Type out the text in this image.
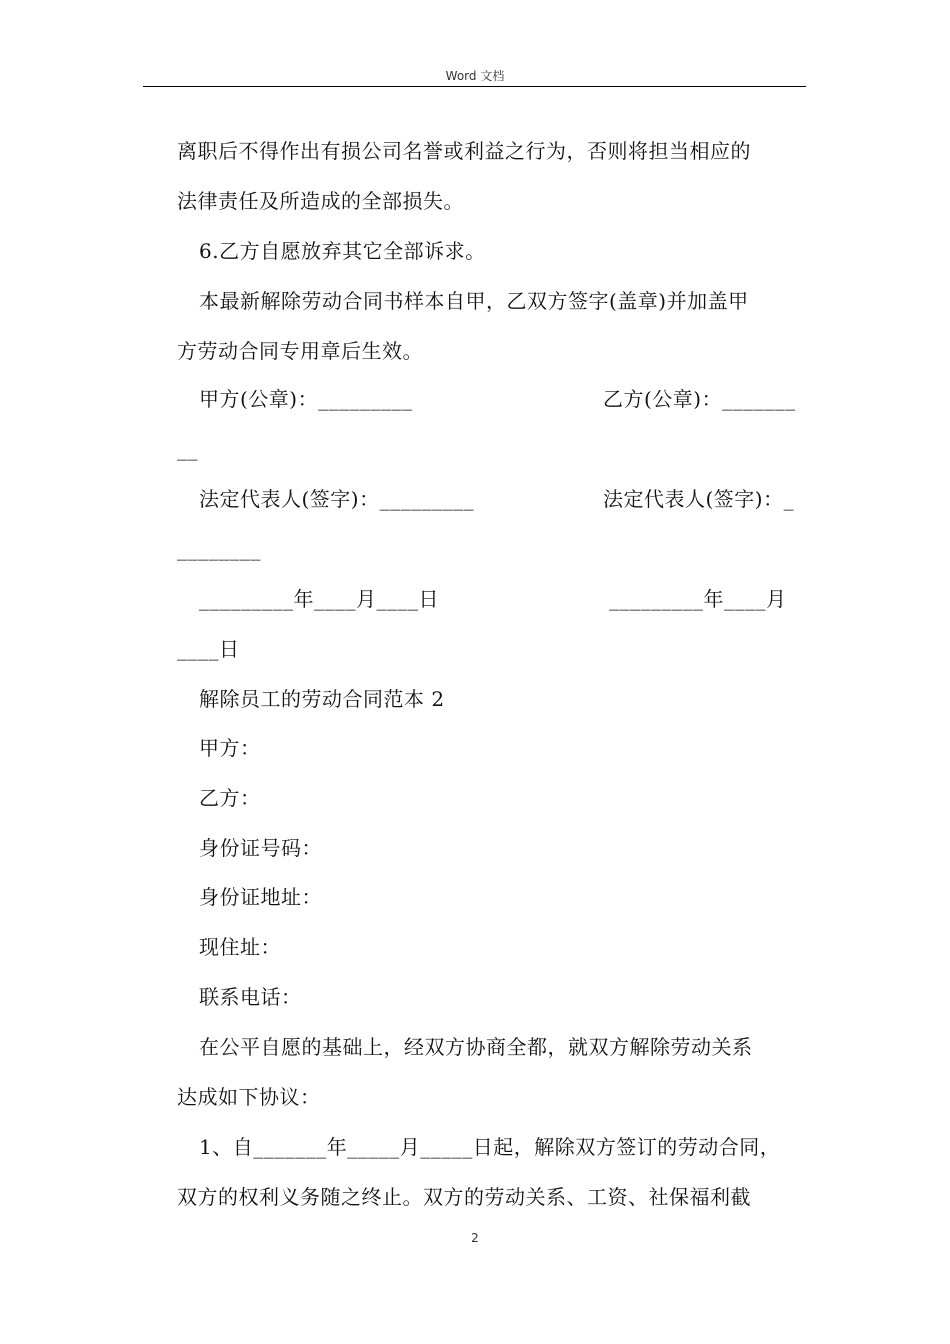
Word 文档
离职后不得作出有损公司名誉或利益之行为，否则将担当相应的
法律责任及所造成的全部损失。
6.乙方自愿放弃其它全部诉求。
本最新解除劳动合同书样本自甲，乙双方签字(盖章)并加盖甲
方劳动合同专用章后生效。
甲方(公章)：_________	乙方(公章)：_______
__
法定代表人(签字)：_________	法定代表人(签字)：_
________
_________年____月____日	_________年____月
____日
解除员工的劳动合同范本 2
甲方：
乙方：
身份证号码：
身份证地址：
现住址：
联系电话：
在公平自愿的基础上，经双方协商全都，就双方解除劳动关系
达成如下协议：
1、自_______年_____月_____日起，解除双方签订的劳动合同，
双方的权利义务随之终止。双方的劳动关系、工资、社保福利截
2
